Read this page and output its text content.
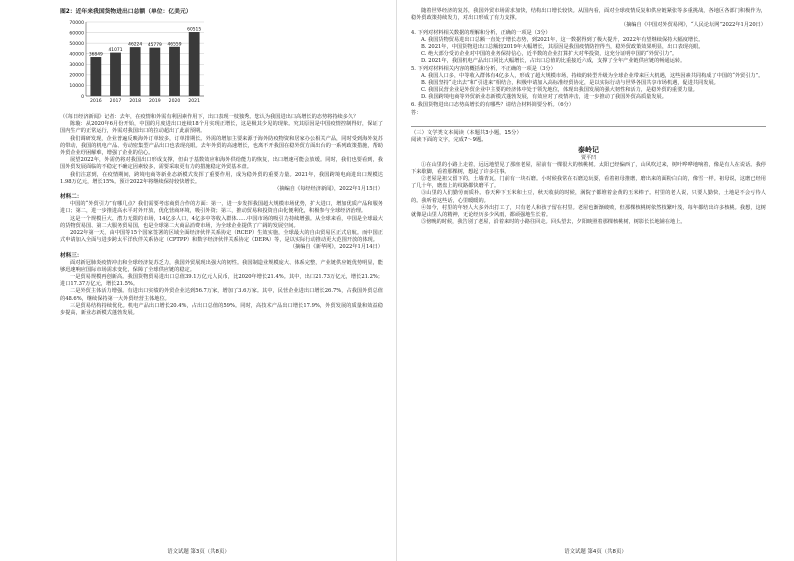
图2：近年来我国货物进出口总额（单位：亿美元）
0
10000
20000
30000
40000
50000
60000
70000
36849
2016
41071
2017
46224
2018
45779
2019
46559
2020
60515
2021

（《每日经济新闻》记者：去年，在疫情和外需有利因素作用下，出口表现一枝独秀。您认为我国进出口高增长的态势将持续多久？

陈璇：从2020年6月份开始，中国的月度进出口连续18个月实现正增长，这是极其少见的现象。究其原因是中国疫情控制得好，保证了国内生产的正常运行，外需对我国出口的拉动超出了此前预期。

我们调研发现，企业普遍反映海外订单较多，订单排期长。外需的增加主要来源于海外防疫物资和居家办公相关产品，同时受到海外复苏的带动，我国的机电产品、劳动密集型产品出口也表现亮眼。去年外贸的高速增长，也离不开我国在稳外贸方面出台的一系列政策措施，帮助外贸企业纾困解难，增强了企业的信心。

展望2022年，外需仍将对我国出口形成支撑，但由于基数效应和海外供给能力的恢复，出口增速可能会放缓。同时，我们也要看到，我国外贸发展面临的不稳定不确定因素较多，需要采取更有力的措施稳定外贸基本盘。

我们注意到，在疫情期间，跨境电商等新业态新模式发挥了重要作用，成为稳外贸的重要力量。2021年，我国跨境电商进出口规模达1.98万亿元，增长15%。预计2022年将继续保持较快增长。

（摘编自《每经经济新闻》，2022年1月15日）

材料二：

中国的“外贸引力”有哪几点？我们需要考虑商贸合作的方面：第一，进一步发挥我国超大规模市场优势，扩大进口，增加优质产品和服务进口；第二，进一步推进高水平对外开放，优化营商环境，吸引外资；第三，推动贸易和投资自由化便利化，积极参与全球经济治理。

这是一个规模巨大、潜力无限的市场，14亿多人口，4亿多中等收入群体……中国市场的吸引力持续增强。从全球来看，中国是全球最大的货物贸易国、第二大服务贸易国，也是全球第二大商品消费市场，为全球企业提供了广阔的发展空间。

2022年第一天，由中国等15个国家签署的区域全面经济伙伴关系协定（RCEP）生效实施，全球最大的自由贸易区正式启航。而中国正式申请加入全面与进步跨太平洋伙伴关系协定（CPTPP）和数字经济伙伴关系协定（DEPA）等，是以实际行动推动更大范围开放的体现。

（摘编自《新华网》，2022年1月14日）

材料三：

面对新冠肺炎疫情冲击和全球经济复苏乏力，我国外贸展现出强大的韧性。我国制造业规模庞大、体系完整，产业链供应链优势明显，能够迅速响应国际市场需求变化，保障了全球供应链的稳定。

一是贸易规模再创新高。我国货物贸易进出口总值39.1万亿元人民币，比2020年增长21.4%。其中，出口21.73万亿元，增长21.2%；进口17.37万亿元，增长21.5%。

二是外贸主体活力增强。有进出口实绩的外贸企业达到56.7万家，增加了3.6万家。其中，民营企业进出口增长26.7%，占我国外贸总值的48.6%，继续保持第一大外贸经营主体地位。

三是贸易结构持续优化。机电产品出口增长20.4%，占出口总值的59%。同时，高技术产品出口增长17.9%，外贸发展的质量和效益稳步提高，新业态新模式蓬勃发展。

语文试题 第3页（共8页）

随着世界经济的复苏，我国外贸市场需求加快，结构出口增长较快。从国内看，面对全球疫情反复和供应链紧张等多重挑战，各地区各部门积极作为，稳外贸政策持续发力，对出口形成了有力支撑。

（摘编自《中国对外贸易网》，“人民论坛网”2022年1月20日）

4. 下列对材料相关数据的理解和分析，正确的一项是（3分）

A. 我国货物贸易进出口总额一直处于增长态势，到2021年，这一数据得到了极大提升，2022年有望继续保持大幅度增长。

B. 2021年，中国货物进出口总额较2019年大幅增长，其原因是我国疫情防控得当，稳外贸政策效果明显，出口表现亮眼。

C. 绝大部分受访企业对中国的业务保持信心，近半数的企业打算扩大对华投资，这充分证明中国的“外贸引力”。

D. 2021年，我国机电产品出口同比大幅增长，占出口总值的比重接近六成，支撑了全年产业链供应链的畅通运转。

5. 下列对材料相关内容的概括和分析，不正确的一项是（3分）

A. 我国人口多，中等收入群体有4亿多人，形成了超大规模市场，持续的转型升级为全球企业带来巨大机遇，这些因素共同构成了中国的“外贸引力”。

B. 我国坚持“走出去”和“引进来”相结合，积极申请加入高标准经贸协定，是以实际行动与世界各国共享市场机遇，促进共同发展。

C. 我国民营企业是外贸企业中主要的经济体中处于领先地位，体现出我国发展的强大韧性和活力，是稳外贸的重要力量。

D. 我国跨境电商等外贸新业态新模式蓬勃发展，有效应对了疫情冲击，进一步推动了我国外贸高质量发展。

6. 我国货物进出口态势高增长的有哪些？请结合材料简要分析。（6分）

答：
（三）文学类文本阅读（本题共3小题，15分）
阅读下面的文字，完成7～9题。
泰岭记
贾平凹

①在山里的小路上走着，远远地望见了那座老屋，屋前有一棵很大的核桃树。太阳已经偏西了，山风吹过来，树叶哗哗地响着，像是有人在说话。我停下来歇脚，看着那棵树，想起了许多往事。

②老屋是祖父留下的，土墙青瓦，门前有一块石磨。小时候我常在石磨边玩耍，看着祖母推磨，磨出来的面粉白白的，像雪一样。祖母说，这磨已经用了几十年，磨盘上的纹路都快磨平了。

③山里的人们勤劳而质朴。春天种下玉米和土豆，秋天收获的时候，满院子都堆着金黄的玉米棒子。村里的老人说，只要人勤快，土地是不会亏待人的。我听着这些话，心里暖暖的。

④如今，村里的年轻人大多外出打工了，只有老人和孩子留在村里。老屋也渐渐破败，但那棵核桃树依然枝繁叶茂，每年都结出许多核桃。我想，这树就像是山里人的精神，无论经历多少风雨，都顽强地生长着。

⑤傍晚的时候，我告别了老屋，沿着来时的小路往回走。回头望去，夕阳映照着那棵核桃树，树影长长地铺在地上。

语文试题 第4页（共8页）
